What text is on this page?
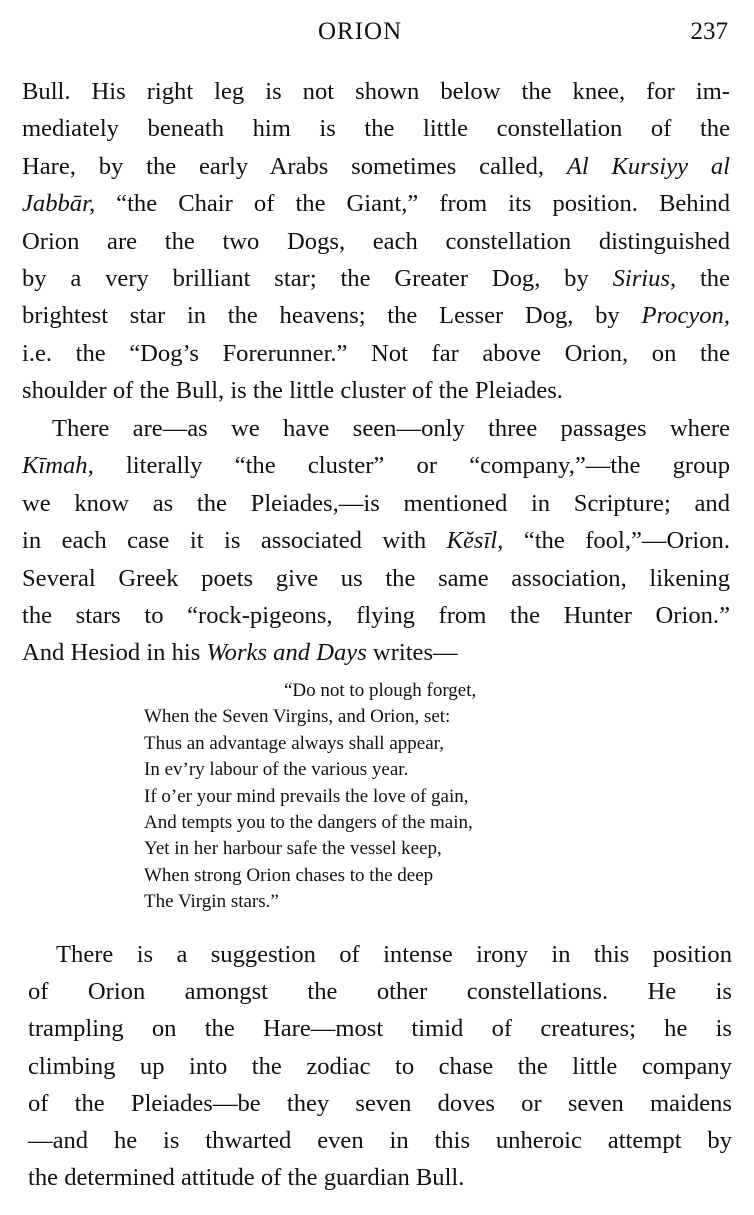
ORION	237
Bull. His right leg is not shown below the knee, for im-
mediately beneath him is the little constellation of the
Hare, by the early Arabs sometimes called, Al Kursiyy al
Jabbār, “the Chair of the Giant,” from its position. Behind
Orion are the two Dogs, each constellation distinguished
by a very brilliant star; the Greater Dog, by Sirius, the
brightest star in the heavens; the Lesser Dog, by Procyon,
i.e. the “Dog’s Forerunner.” Not far above Orion, on the
shoulder of the Bull, is the little cluster of the Pleiades.
There are—as we have seen—only three passages where
Kīmah, literally “the cluster” or “company,”—the group
we know as the Pleiades,—is mentioned in Scripture; and
in each case it is associated with Kĕsīl, “the fool,”—Orion.
Several Greek poets give us the same association, likening
the stars to “rock-pigeons, flying from the Hunter Orion.”
And Hesiod in his Works and Days writes—
“Do not to plough forget,
When the Seven Virgins, and Orion, set:
Thus an advantage always shall appear,
In ev’ry labour of the various year.
If o’er your mind prevails the love of gain,
And tempts you to the dangers of the main,
Yet in her harbour safe the vessel keep,
When strong Orion chases to the deep
The Virgin stars.”
There is a suggestion of intense irony in this position
of Orion amongst the other constellations. He is
trampling on the Hare—most timid of creatures; he is
climbing up into the zodiac to chase the little company
of the Pleiades—be they seven doves or seven maidens
—and he is thwarted even in this unheroic attempt by
the determined attitude of the guardian Bull.
